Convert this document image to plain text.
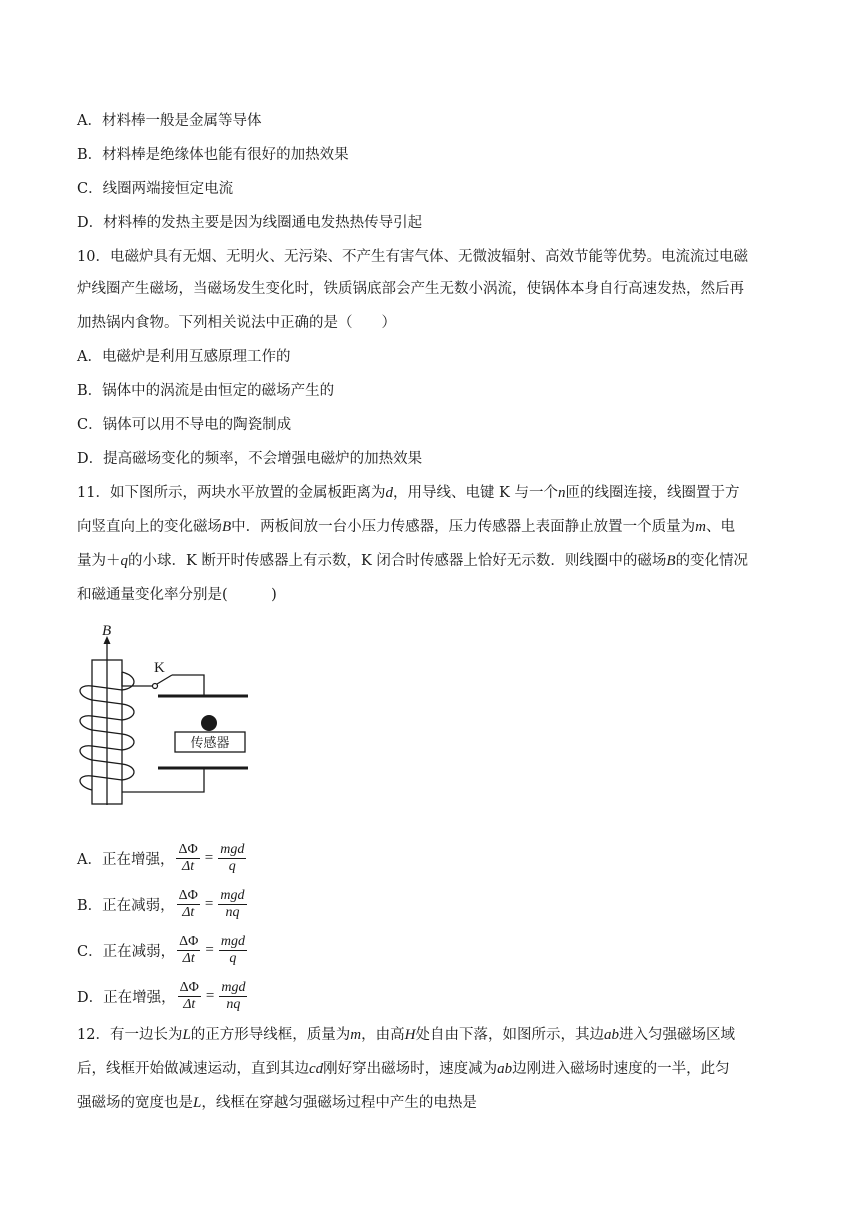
A．材料棒一般是金属等导体
B．材料棒是绝缘体也能有很好的加热效果
C．线圈两端接恒定电流
D．材料棒的发热主要是因为线圈通电发热热传导引起
10．电磁炉具有无烟、无明火、无污染、不产生有害气体、无微波辐射、高效节能等优势。电流流过电磁
炉线圈产生磁场，当磁场发生变化时，铁质锅底部会产生无数小涡流，使锅体本身自行高速发热，然后再
加热锅内食物。下列相关说法中正确的是（　　）
A．电磁炉是利用互感原理工作的
B．锅体中的涡流是由恒定的磁场产生的
C．锅体可以用不导电的陶瓷制成
D．提高磁场变化的频率，不会增强电磁炉的加热效果
11．如下图所示，两块水平放置的金属板距离为d，用导线、电键 K 与一个n匝的线圈连接，线圈置于方
向竖直向上的变化磁场B中．两板间放一台小压力传感器，压力传感器上表面静止放置一个质量为m、电
量为＋q的小球．K 断开时传感器上有示数，K 闭合时传感器上恰好无示数．则线圈中的磁场B的变化情况
和磁通量变化率分别是(　　　)
A．正在增强， $\frac{\Delta\Phi}{\Delta t} = \frac{\text{mgd}}{q}$
B．正在减弱， $\frac{\Delta\Phi}{\Delta t} = \frac{\text{mgd}}{nq}$
C．正在减弱， $\frac{\Delta\Phi}{\Delta t} = \frac{\text{mgd}}{q}$
D．正在增强， $\frac{\Delta\Phi}{\Delta t} = \frac{\text{mgd}}{nq}$
12．有一边长为L的正方形导线框，质量为m，由高H处自由下落，如图所示，其边ab进入匀强磁场区域
后，线框开始做减速运动，直到其边cd刚好穿出磁场时，速度减为ab边刚进入磁场时速度的一半，此匀
强磁场的宽度也是L，线框在穿越匀强磁场过程中产生的电热是
B
K
传感器
